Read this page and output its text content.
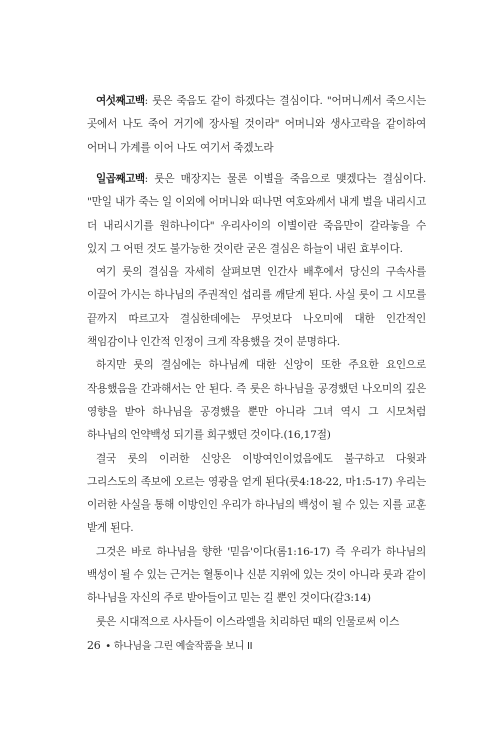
여섯째고백: 룻은 죽음도 같이 하겠다는 결심이다. "어머니께서 죽으시는 곳에서 나도 죽어 거기에 장사될 것이라" 어머니와 생사고락을 같이하여 어머니 가계를 이어 나도 여기서 죽겠노라

일곱째고백: 룻은 매장지는 물론 이별을 죽음으로 맺겠다는 결심이다. "만일 내가 죽는 일 이외에 어머니와 떠나면 여호와께서 내게 벌을 내리시고 더 내리시기를 원하나이다" 우리사이의 이별이란 죽음만이 갈라놓을 수 있지 그 어떤 것도 불가능한 것이란 굳은 결심은 하늘이 내린 효부이다.

여기 룻의 결심을 자세히 살펴보면 인간사 배후에서 당신의 구속사를 이끌어 가시는 하나님의 주권적인 섭리를 깨닫게 된다. 사실 룻이 그 시모를 끝까지 따르고자 결심한데에는 무엇보다 나오미에 대한 인간적인 책임감이나 인간적 인정이 크게 작용했을 것이 분명하다.

하지만 룻의 결심에는 하나님께 대한 신앙이 또한 주요한 요인으로 작용했음을 간과해서는 안 된다. 즉 룻은 하나님을 공경했던 나오미의 깊은 영향을 받아 하나님을 공경했을 뿐만 아니라 그녀 역시 그 시모처럼 하나님의 언약백성 되기를 희구했던 것이다.(16,17절)

결국 룻의 이러한 신앙은 이방여인이었음에도 불구하고 다윗과 그리스도의 족보에 오르는 영광을 얻게 된다(룻4:18-22, 마1:5-17) 우리는 이러한 사실을 통해 이방인인 우리가 하나님의 백성이 될 수 있는 지를 교훈 받게 된다.

그것은 바로 하나님을 향한 '믿음'이다(롬1:16-17) 즉 우리가 하나님의 백성이 될 수 있는 근거는 혈통이나 신분 지위에 있는 것이 아니라 룻과 같이 하나님을 자신의 주로 받아들이고 믿는 길 뿐인 것이다(갈3:14)

룻은 시대적으로 사사들이 이스라엘을 치리하던 때의 인물로써 이스

26 • 하나님을 그린 예술작품을 보니 II
